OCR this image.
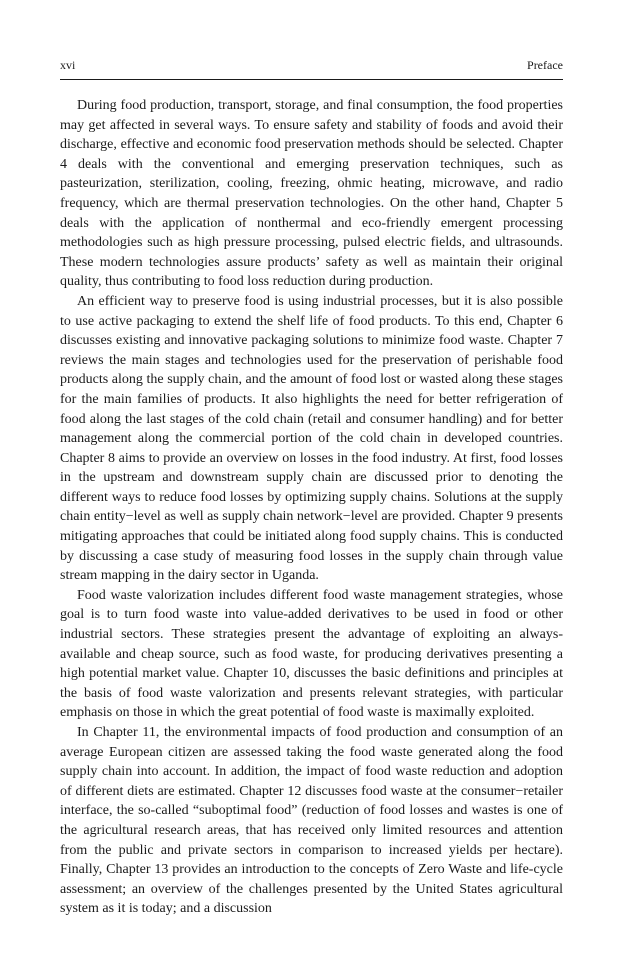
xvi	Preface

During food production, transport, storage, and final consumption, the food properties may get affected in several ways. To ensure safety and stability of foods and avoid their discharge, effective and economic food preservation methods should be selected. Chapter 4 deals with the conventional and emerging preservation techniques, such as pasteurization, sterilization, cooling, freezing, ohmic heating, microwave, and radio frequency, which are thermal preservation technologies. On the other hand, Chapter 5 deals with the application of nonthermal and eco-friendly emergent processing methodologies such as high pressure processing, pulsed electric fields, and ultrasounds. These modern technologies assure products’ safety as well as maintain their original quality, thus contributing to food loss reduction during production.

An efficient way to preserve food is using industrial processes, but it is also possible to use active packaging to extend the shelf life of food products. To this end, Chapter 6 discusses existing and innovative packaging solutions to minimize food waste. Chapter 7 reviews the main stages and technologies used for the preservation of perishable food products along the supply chain, and the amount of food lost or wasted along these stages for the main families of products. It also highlights the need for better refrigeration of food along the last stages of the cold chain (retail and consumer handling) and for better management along the commercial portion of the cold chain in developed countries. Chapter 8 aims to provide an overview on losses in the food industry. At first, food losses in the upstream and downstream supply chain are discussed prior to denoting the different ways to reduce food losses by optimizing supply chains. Solutions at the supply chain entity−level as well as supply chain network−level are provided. Chapter 9 presents mitigating approaches that could be initiated along food supply chains. This is conducted by discussing a case study of measuring food losses in the supply chain through value stream mapping in the dairy sector in Uganda.

Food waste valorization includes different food waste management strategies, whose goal is to turn food waste into value-added derivatives to be used in food or other industrial sectors. These strategies present the advantage of exploiting an always-available and cheap source, such as food waste, for producing derivatives presenting a high potential market value. Chapter 10, discusses the basic definitions and principles at the basis of food waste valorization and presents relevant strategies, with particular emphasis on those in which the great potential of food waste is maximally exploited.

In Chapter 11, the environmental impacts of food production and consumption of an average European citizen are assessed taking the food waste generated along the food supply chain into account. In addition, the impact of food waste reduction and adoption of different diets are estimated. Chapter 12 discusses food waste at the consumer−retailer interface, the so-called “suboptimal food” (reduction of food losses and wastes is one of the agricultural research areas, that has received only limited resources and attention from the public and private sectors in comparison to increased yields per hectare). Finally, Chapter 13 provides an introduction to the concepts of Zero Waste and life-cycle assessment; an overview of the challenges presented by the United States agricultural system as it is today; and a discussion
